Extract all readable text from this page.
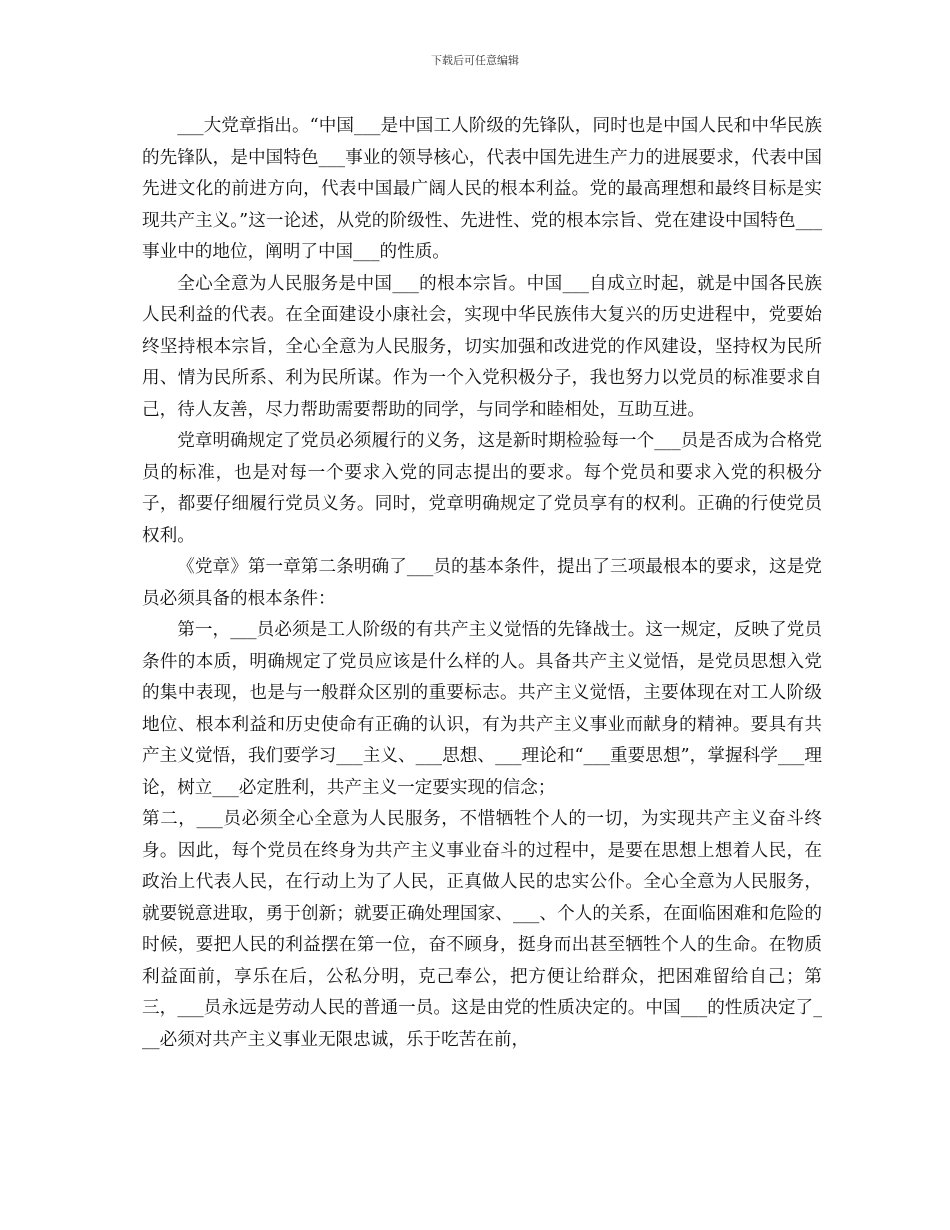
下载后可任意编辑

___大党章指出。“中国___是中国工人阶级的先锋队，同时也是中国人民和中华民族的先锋队，是中国特色___事业的领导核心，代表中国先进生产力的进展要求，代表中国先进文化的前进方向，代表中国最广阔人民的根本利益。党的最高理想和最终目标是实现共产主义。”这一论述，从党的阶级性、先进性、党的根本宗旨、党在建设中国特色___事业中的地位，阐明了中国___的性质。

全心全意为人民服务是中国___的根本宗旨。中国___自成立时起，就是中国各民族人民利益的代表。在全面建设小康社会，实现中华民族伟大复兴的历史进程中，党要始终坚持根本宗旨，全心全意为人民服务，切实加强和改进党的作风建设，坚持权为民所用、情为民所系、利为民所谋。作为一个入党积极分子，我也努力以党员的标准要求自己，待人友善，尽力帮助需要帮助的同学，与同学和睦相处，互助互进。

党章明确规定了党员必须履行的义务，这是新时期检验每一个___员是否成为合格党员的标准，也是对每一个要求入党的同志提出的要求。每个党员和要求入党的积极分子，都要仔细履行党员义务。同时，党章明确规定了党员享有的权利。正确的行使党员权利。

《党章》第一章第二条明确了___员的基本条件，提出了三项最根本的要求，这是党员必须具备的根本条件：

第一，___员必须是工人阶级的有共产主义觉悟的先锋战士。这一规定，反映了党员条件的本质，明确规定了党员应该是什么样的人。具备共产主义觉悟，是党员思想入党的集中表现，也是与一般群众区别的重要标志。共产主义觉悟，主要体现在对工人阶级地位、根本利益和历史使命有正确的认识，有为共产主义事业而献身的精神。要具有共产主义觉悟，我们要学习___主义、___思想、___理论和“___重要思想”，掌握科学___理论，树立___必定胜利，共产主义一定要实现的信念；

第二，___员必须全心全意为人民服务，不惜牺牲个人的一切，为实现共产主义奋斗终身。因此，每个党员在终身为共产主义事业奋斗的过程中，是要在思想上想着人民，在政治上代表人民，在行动上为了人民，正真做人民的忠实公仆。全心全意为人民服务，就要锐意进取，勇于创新；就要正确处理国家、___、个人的关系，在面临困难和危险的时候，要把人民的利益摆在第一位，奋不顾身，挺身而出甚至牺牲个人的生命。在物质利益面前，享乐在后，公私分明，克己奉公，把方便让给群众，把困难留给自己；第三，___员永远是劳动人民的普通一员。这是由党的性质决定的。中国___的性质决定了___必须对共产主义事业无限忠诚，乐于吃苦在前，
